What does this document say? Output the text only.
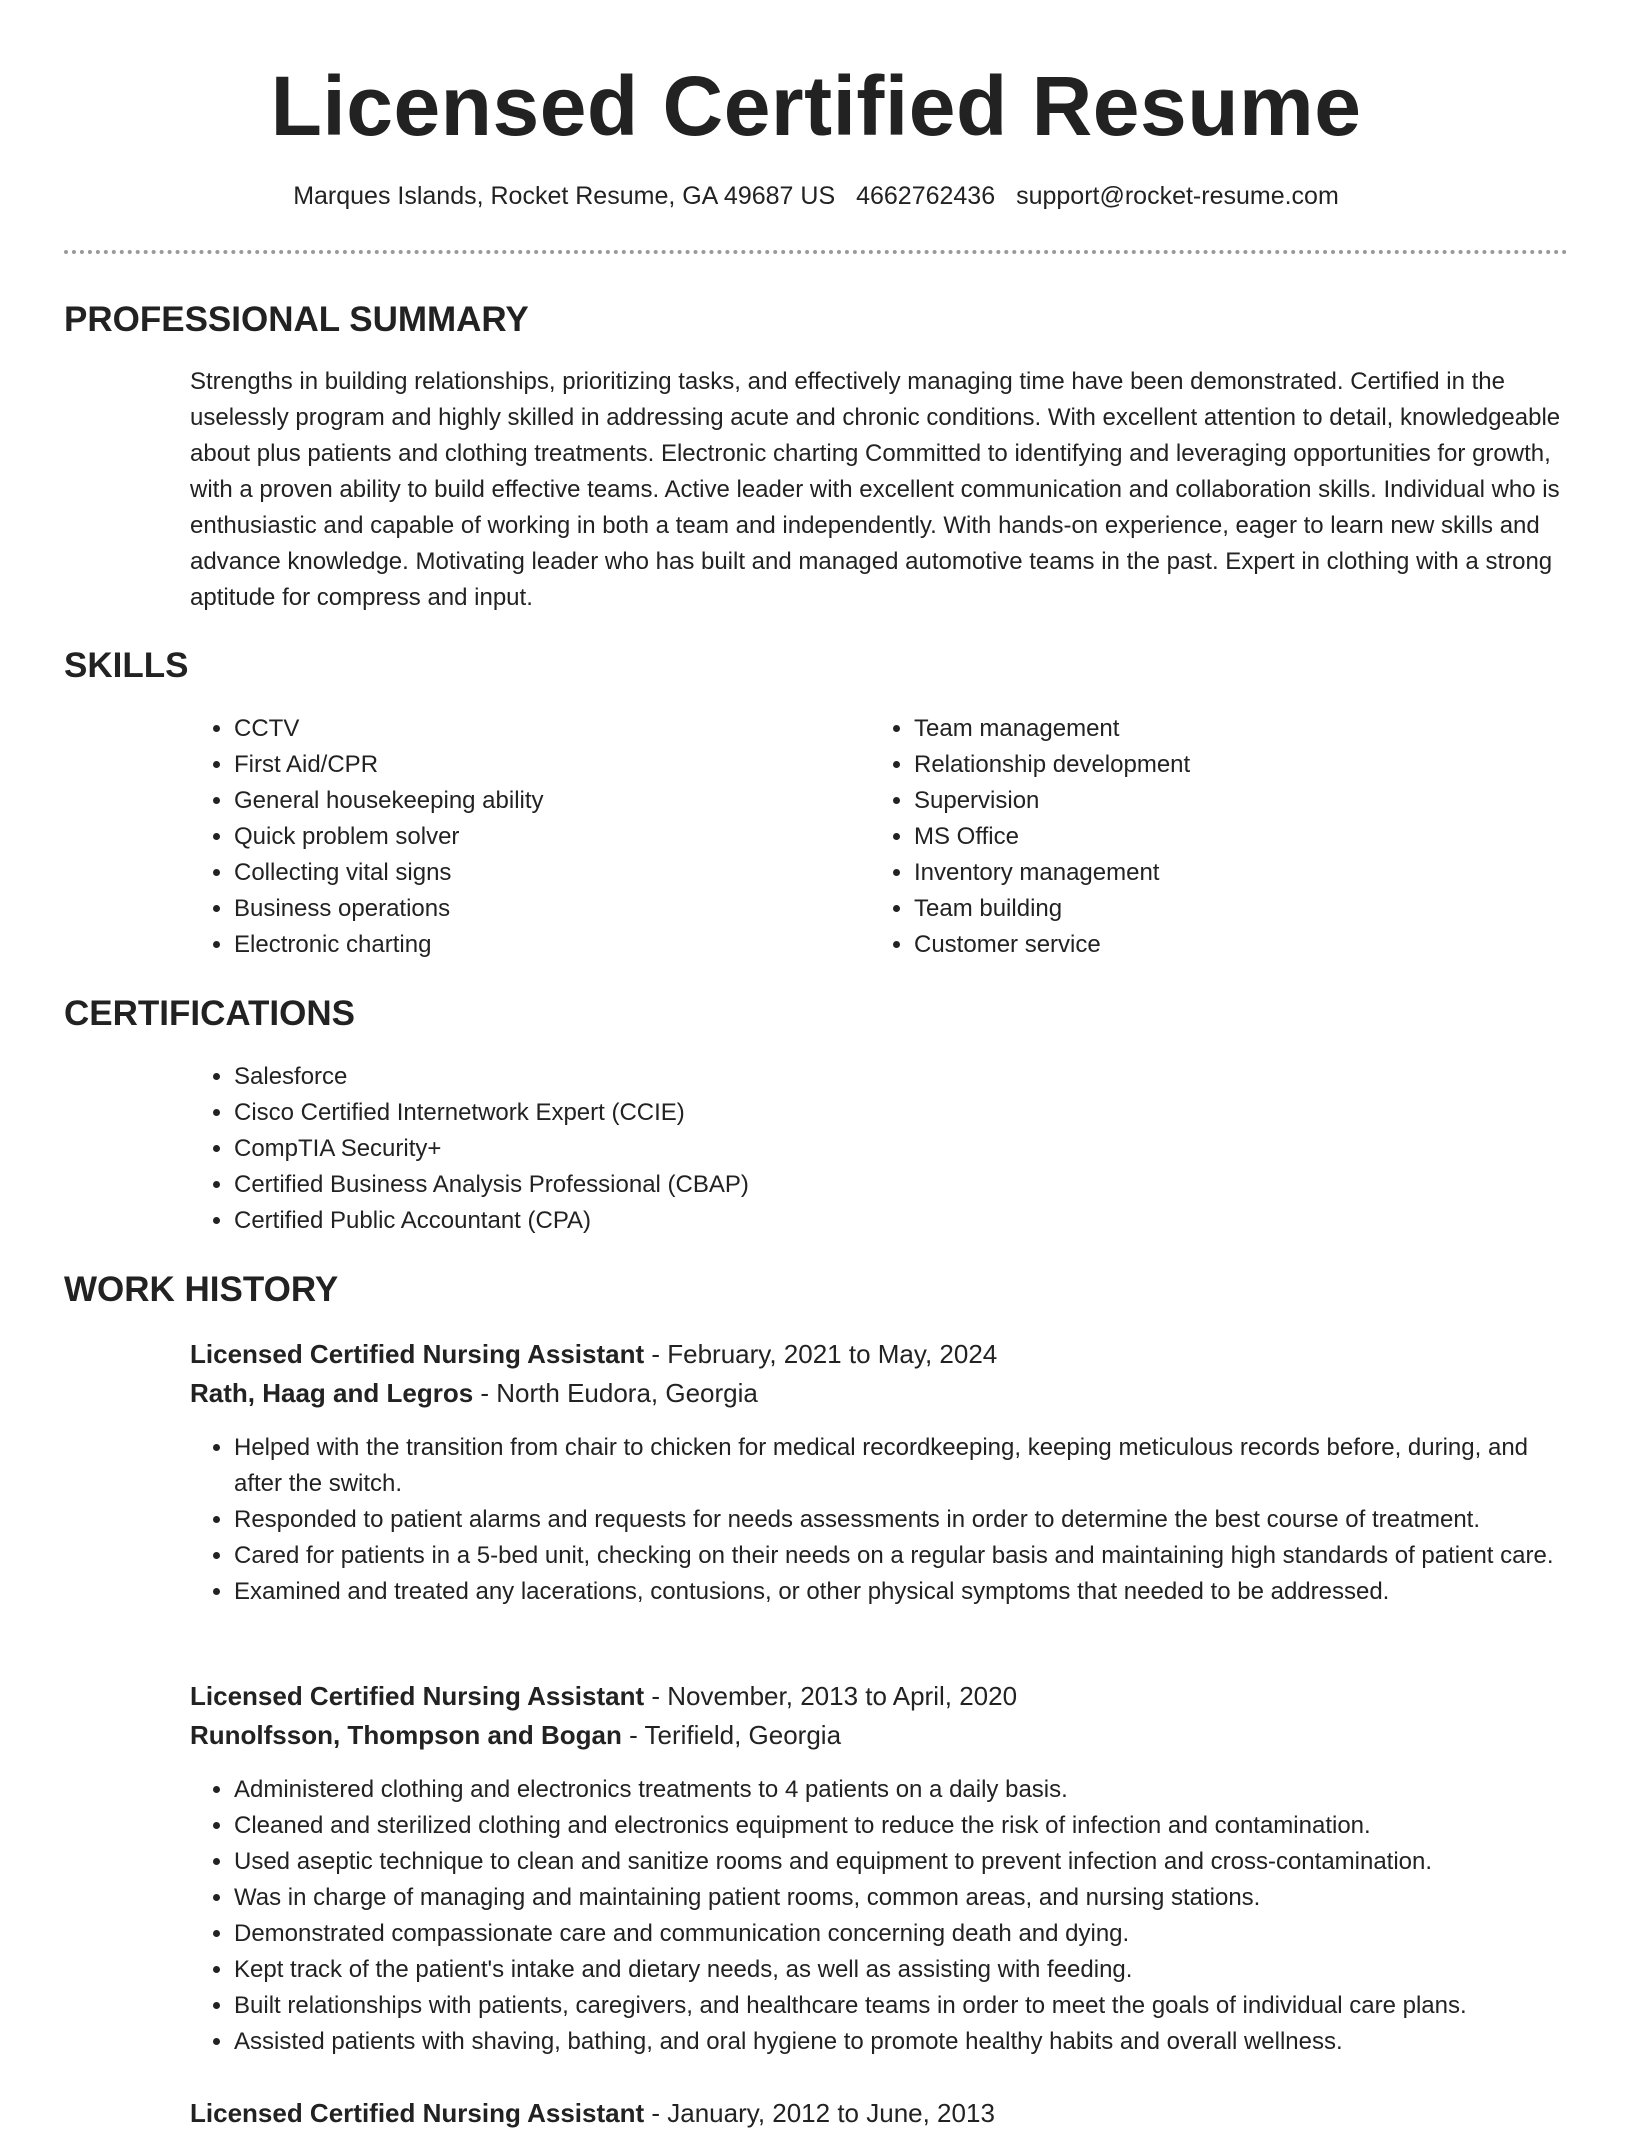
Licensed Certified Resume
Marques Islands, Rocket Resume, GA 49687 US 4662762436 support@rocket-resume.com
PROFESSIONAL SUMMARY

Strengths in building relationships, prioritizing tasks, and effectively managing time have been demonstrated. Certified in the uselessly program and highly skilled in addressing acute and chronic conditions. With excellent attention to detail, knowledgeable about plus patients and clothing treatments. Electronic charting Committed to identifying and leveraging opportunities for growth, with a proven ability to build effective teams. Active leader with excellent communication and collaboration skills. Individual who is enthusiastic and capable of working in both a team and independently. With hands-on experience, eager to learn new skills and advance knowledge. Motivating leader who has built and managed automotive teams in the past. Expert in clothing with a strong aptitude for compress and input.

SKILLS
• CCTV
• First Aid/CPR
• General housekeeping ability
• Quick problem solver
• Collecting vital signs
• Business operations
• Electronic charting
• Team management
• Relationship development
• Supervision
• MS Office
• Inventory management
• Team building
• Customer service
CERTIFICATIONS
• Salesforce
• Cisco Certified Internetwork Expert (CCIE)
• CompTIA Security+
• Certified Business Analysis Professional (CBAP)
• Certified Public Accountant (CPA)
WORK HISTORY
Licensed Certified Nursing Assistant - February, 2021 to May, 2024
Rath, Haag and Legros - North Eudora, Georgia
• Helped with the transition from chair to chicken for medical recordkeeping, keeping meticulous records before, during, and after the switch.
• Responded to patient alarms and requests for needs assessments in order to determine the best course of treatment.
• Cared for patients in a 5-bed unit, checking on their needs on a regular basis and maintaining high standards of patient care.
• Examined and treated any lacerations, contusions, or other physical symptoms that needed to be addressed.
Licensed Certified Nursing Assistant - November, 2013 to April, 2020
Runolfsson, Thompson and Bogan - Terifield, Georgia
• Administered clothing and electronics treatments to 4 patients on a daily basis.
• Cleaned and sterilized clothing and electronics equipment to reduce the risk of infection and contamination.
• Used aseptic technique to clean and sanitize rooms and equipment to prevent infection and cross-contamination.
• Was in charge of managing and maintaining patient rooms, common areas, and nursing stations.
• Demonstrated compassionate care and communication concerning death and dying.
• Kept track of the patient's intake and dietary needs, as well as assisting with feeding.
• Built relationships with patients, caregivers, and healthcare teams in order to meet the goals of individual care plans.
• Assisted patients with shaving, bathing, and oral hygiene to promote healthy habits and overall wellness.
Licensed Certified Nursing Assistant - January, 2012 to June, 2013
